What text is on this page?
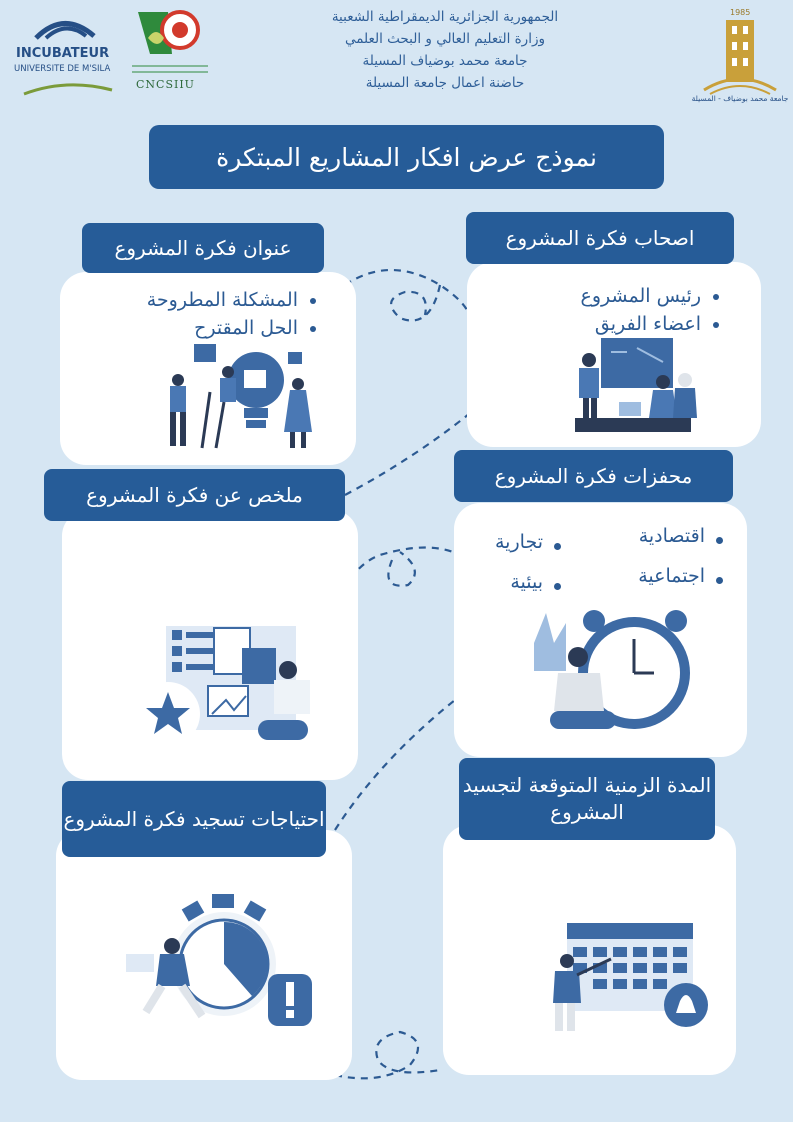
INCUBATEUR
UNIVERSITE DE M'SILA
CNCSIIU
الجمهورية الجزائرية الديمقراطية الشعبية
وزارة التعليم العالي و البحث العلمي
جامعة محمد بوضياف المسيلة
حاضنة اعمال جامعة المسيلة
1985
جامعة محمد بوضياف - المسيلة
نموذج عرض افكار المشاريع المبتكرة
• المشكلة المطروحة
• الحل المقترح
عنوان فكرة المشروع
• رئيس المشروع
• اعضاء الفريق
اصحاب فكرة المشروع
اقتصادية
تجارية
اجتماعية
بيئية
محفزات فكرة المشروع
ملخص عن فكرة المشروع
المدة الزمنية المتوقعة لتجسيد المشروع
احتياجات تسجيد فكرة المشروع
